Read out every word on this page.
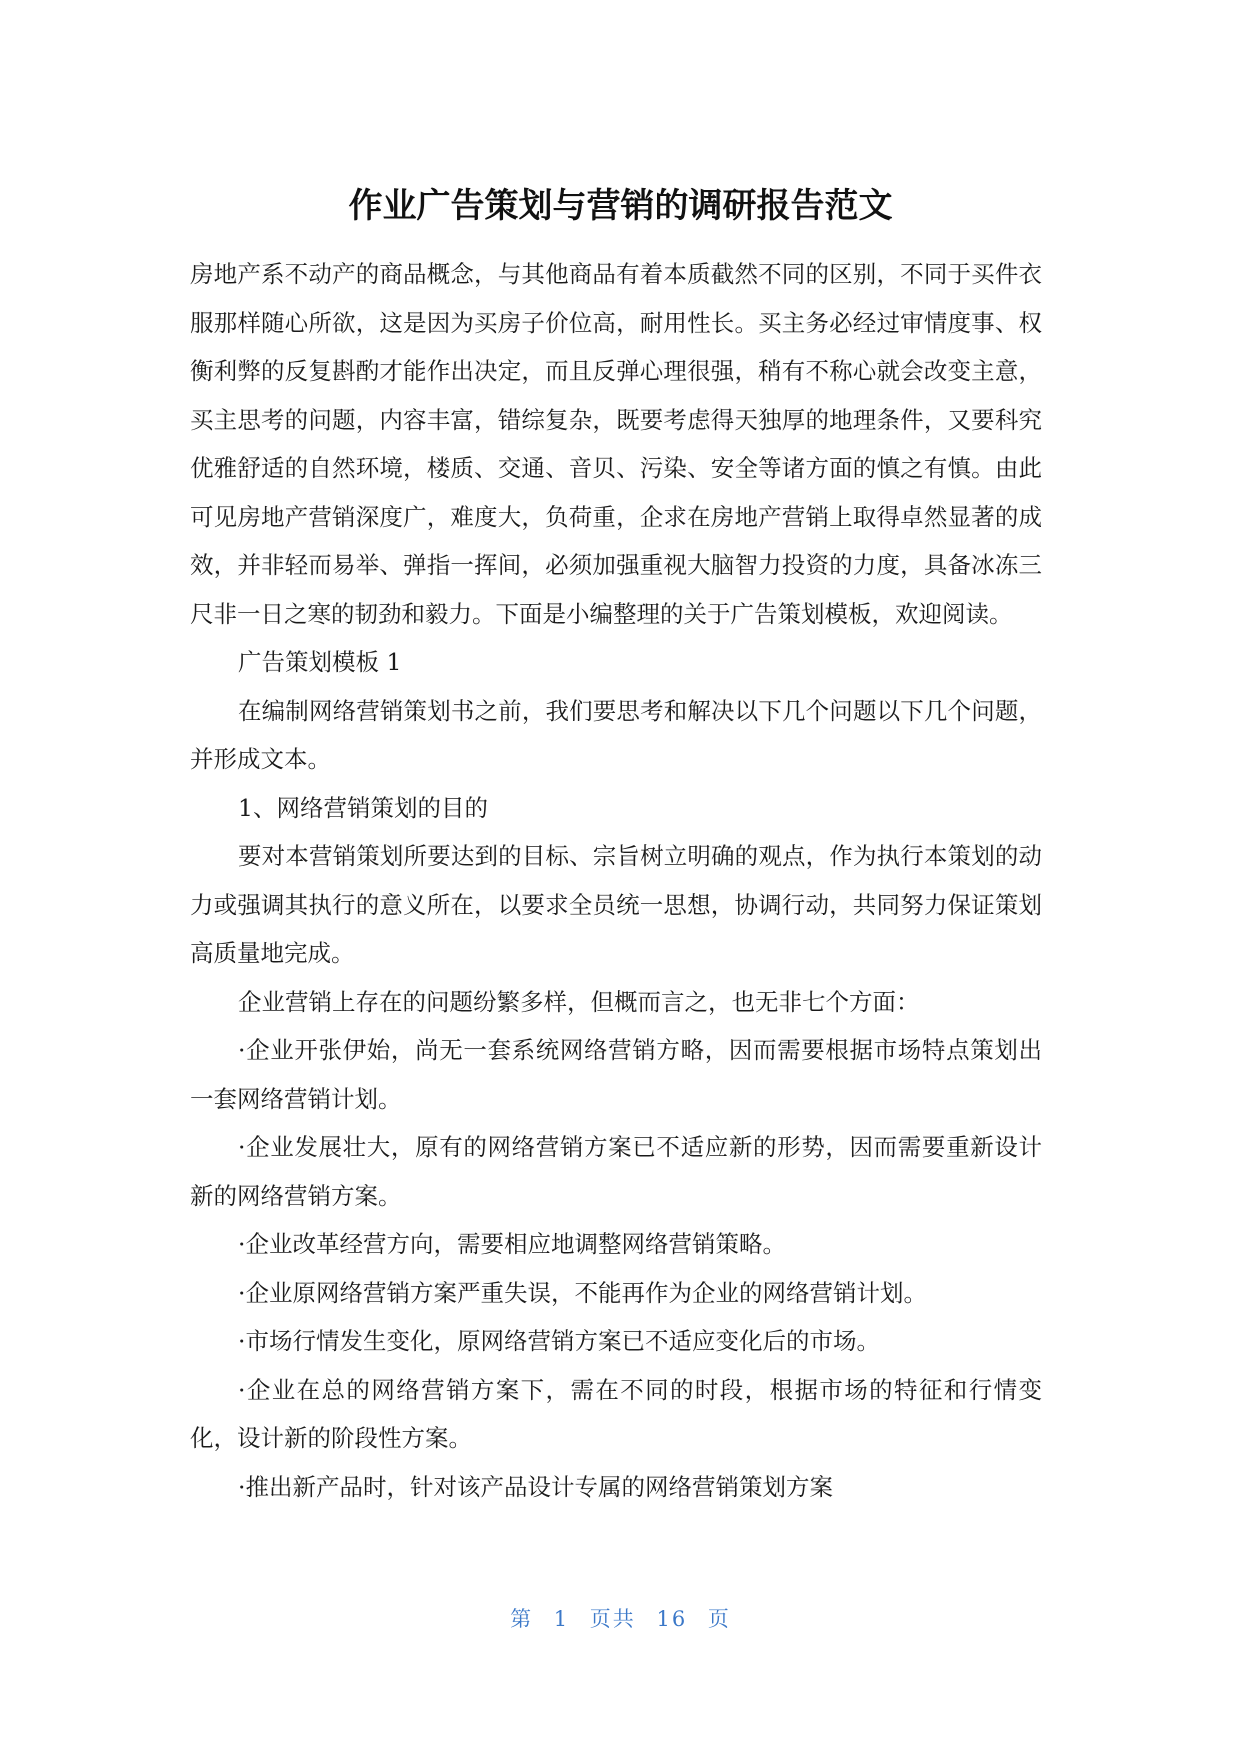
作业广告策划与营销的调研报告范文

房地产系不动产的商品概念，与其他商品有着本质截然不同的区别，不同于买件衣服那样随心所欲，这是因为买房子价位高，耐用性长。买主务必经过审情度事、权衡利弊的反复斟酌才能作出决定，而且反弹心理很强，稍有不称心就会改变主意，买主思考的问题，内容丰富，错综复杂，既要考虑得天独厚的地理条件，又要科究优雅舒适的自然环境，楼质、交通、音贝、污染、安全等诸方面的慎之有慎。由此可见房地产营销深度广，难度大，负荷重，企求在房地产营销上取得卓然显著的成效，并非轻而易举、弹指一挥间，必须加强重视大脑智力投资的力度，具备冰冻三尺非一日之寒的韧劲和毅力。下面是小编整理的关于广告策划模板，欢迎阅读。

广告策划模板 1

在编制网络营销策划书之前，我们要思考和解决以下几个问题以下几个问题，并形成文本。

1、网络营销策划的目的

要对本营销策划所要达到的目标、宗旨树立明确的观点，作为执行本策划的动力或强调其执行的意义所在，以要求全员统一思想，协调行动，共同努力保证策划高质量地完成。

企业营销上存在的问题纷繁多样，但概而言之，也无非七个方面：

·企业开张伊始，尚无一套系统网络营销方略，因而需要根据市场特点策划出一套网络营销计划。

·企业发展壮大，原有的网络营销方案已不适应新的形势，因而需要重新设计新的网络营销方案。

·企业改革经营方向，需要相应地调整网络营销策略。

·企业原网络营销方案严重失误，不能再作为企业的网络营销计划。

·市场行情发生变化，原网络营销方案已不适应变化后的市场。

·企业在总的网络营销方案下，需在不同的时段，根据市场的特征和行情变化，设计新的阶段性方案。

·推出新产品时，针对该产品设计专属的网络营销策划方案

第 1 页共 16 页
